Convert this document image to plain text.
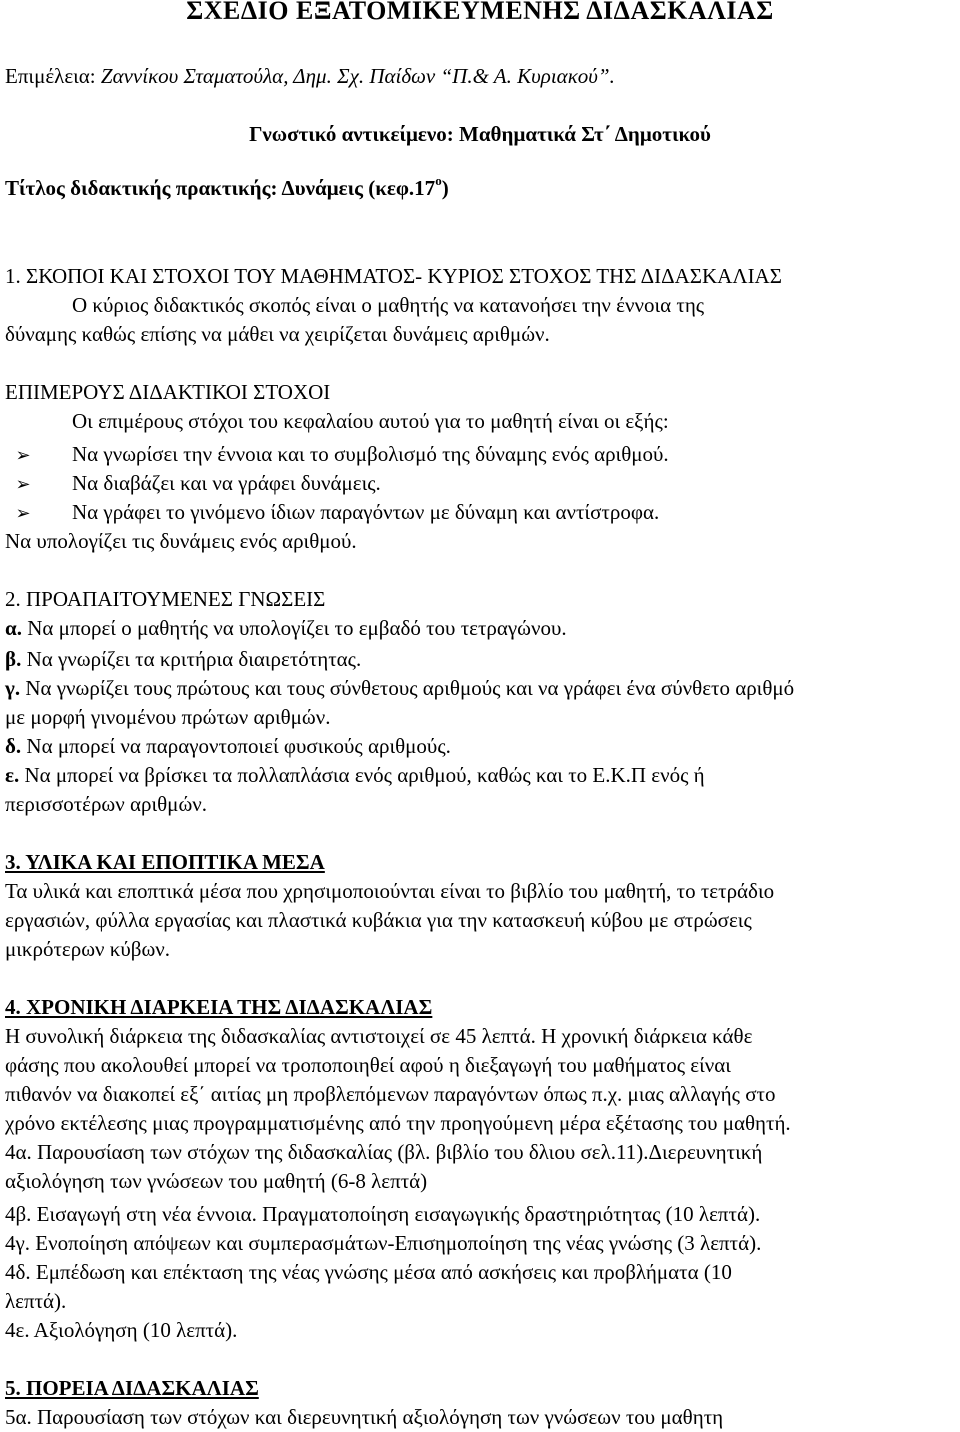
ΣΧΕΔΙΟ ΕΞΑΤΟΜΙΚΕΥΜΕΝΗΣ ΔΙΔΑΣΚΑΛΙΑΣ
Επιμέλεια: Ζαννίκου Σταματούλα, Δημ. Σχ. Παίδων “Π.& Α. Κυριακού”.
Γνωστικό αντικείμενο: Μαθηματικά Στ΄ Δημοτικού
Τίτλος διδακτικής πρακτικής: Δυνάμεις $(\kappa\varepsilon\varphi.17^o)$
1. ΣΚΟΠΟΙ ΚΑΙ ΣΤΟΧΟΙ ΤΟΥ ΜΑΘΗΜΑΤΟΣ- ΚΥΡΙΟΣ ΣΤΟΧΟΣ ΤΗΣ ΔΙΔΑΣΚΑΛΙΑΣ
Ο κύριος διδακτικός σκοπός είναι ο μαθητής να κατανοήσει την έννοια της
δύναμης καθώς επίσης να μάθει να χειρίζεται δυνάμεις αριθμών.
ΕΠΙΜΕΡΟΥΣ ΔΙΔΑΚΤΙΚΟΙ ΣΤΟΧΟΙ
Οι επιμέρους στόχοι του κεφαλαίου αυτού για το μαθητή είναι οι εξής:
➢ Να γνωρίσει την έννοια και το συμβολισμό της δύναμης ενός αριθμού.
➢ Να διαβάζει και να γράφει δυνάμεις.
➢ Να γράφει το γινόμενο ίδιων παραγόντων με δύναμη και αντίστροφα.
Να υπολογίζει τις δυνάμεις ενός αριθμού.
2. ΠΡΟΑΠΑΙΤΟΥΜΕΝΕΣ ΓΝΩΣΕΙΣ
α. Να μπορεί ο μαθητής να υπολογίζει το εμβαδό του τετραγώνου.
β. Να γνωρίζει τα κριτήρια διαιρετότητας.
γ. Να γνωρίζει τους πρώτους και τους σύνθετους αριθμούς και να γράφει ένα σύνθετο αριθμό
με μορφή γινομένου πρώτων αριθμών.
δ. Να μπορεί να παραγοντοποιεί φυσικούς αριθμούς.
ε. Να μπορεί να βρίσκει τα πολλαπλάσια ενός αριθμού, καθώς και το Ε.Κ.Π ενός ή
περισσοτέρων αριθμών.
3. ΥΛΙΚΑ ΚΑΙ ΕΠΟΠΤΙΚΑ ΜΕΣΑ
Τα υλικά και εποπτικά μέσα που χρησιμοποιούνται είναι το βιβλίο του μαθητή, το τετράδιο
εργασιών, φύλλα εργασίας και πλαστικά κυβάκια για την κατασκευή κύβου με στρώσεις
μικρότερων κύβων.
4. ΧΡΟΝΙΚΗ ΔΙΑΡΚΕΙΑ ΤΗΣ ΔΙΔΑΣΚΑΛΙΑΣ
Η συνολική διάρκεια της διδασκαλίας αντιστοιχεί σε 45 λεπτά. Η χρονική διάρκεια κάθε
φάσης που ακολουθεί μπορεί να τροποποιηθεί αφού η διεξαγωγή του μαθήματος είναι
πιθανόν να διακοπεί εξ΄ αιτίας μη προβλεπόμενων παραγόντων όπως π.χ. μιας αλλαγής στο
χρόνο εκτέλεσης μιας προγραμματισμένης από την προηγούμενη μέρα εξέτασης του μαθητή.
4α. Παρουσίαση των στόχων της διδασκαλίας (βλ. βιβλίο του δλιου σελ.11).Διερευνητική
αξιολόγηση των γνώσεων του μαθητή (6-8 λεπτά)
4β. Εισαγωγή στη νέα έννοια. Πραγματοποίηση εισαγωγικής δραστηριότητας (10 λεπτά).
4γ. Ενοποίηση απόψεων και συμπερασμάτων-Επισημοποίηση της νέας γνώσης (3 λεπτά).
4δ. Εμπέδωση και επέκταση της νέας γνώσης μέσα από ασκήσεις και προβλήματα (10
λεπτά).
4ε. Αξιολόγηση (10 λεπτά).
5. ΠΟΡΕΙΑ ΔΙΔΑΣΚΑΛΙΑΣ
5α. Παρουσίαση των στόχων και διερευνητική αξιολόγηση των γνώσεων του μαθητη
